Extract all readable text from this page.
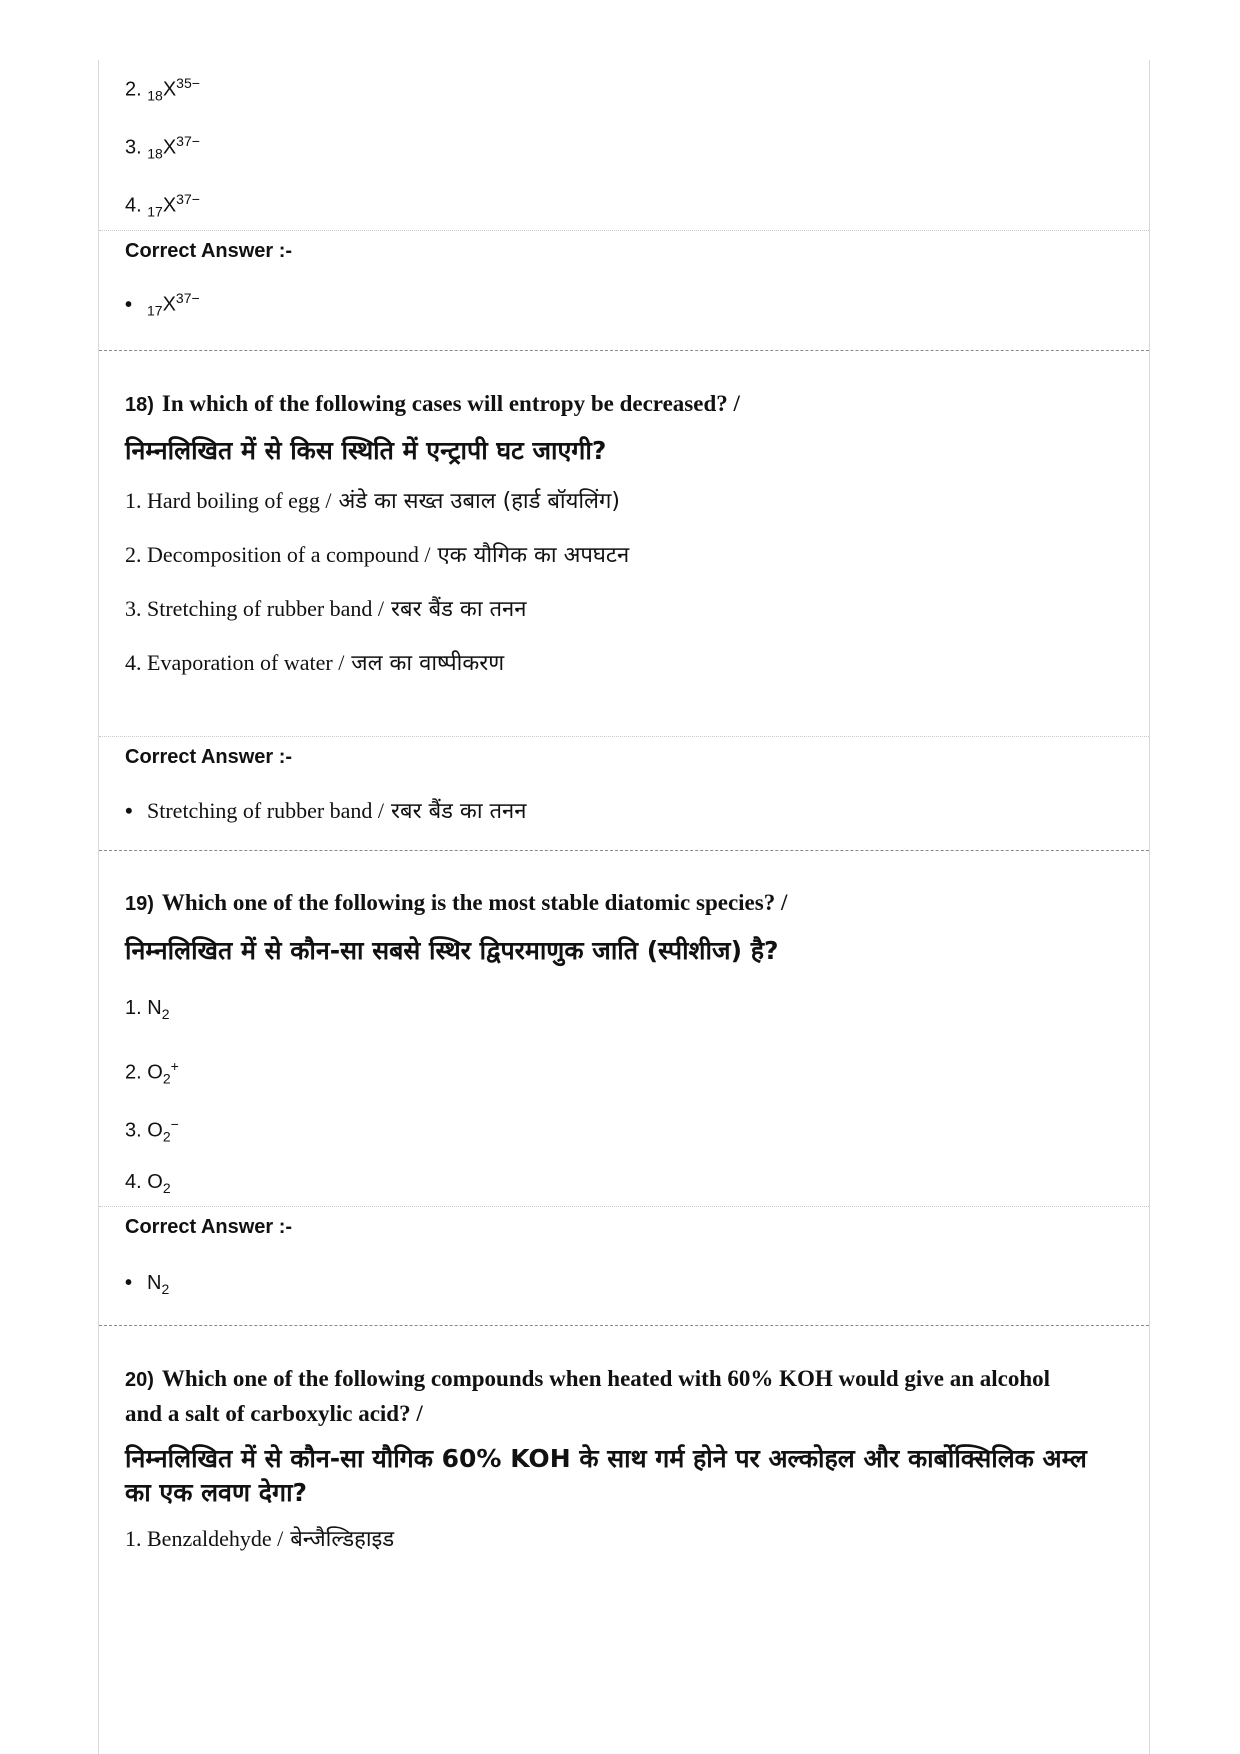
2. $_{18}X^{35-}$
3. $_{18}X^{37-}$
4. $_{17}X^{37-}$
Correct Answer :-
• $_{17}X^{37-}$
18) In which of the following cases will entropy be decreased? /
निम्नलिखित में से किस स्थिति में एन्ट्रापी घट जाएगी?
1. Hard boiling of egg / अंडे का सख्त उबाल (हार्ड बॉयलिंग)
2. Decomposition of a compound / एक यौगिक का अपघटन
3. Stretching of rubber band / रबर बैंड का तनन
4. Evaporation of water / जल का वाष्पीकरण
Correct Answer :-
• Stretching of rubber band / रबर बैंड का तनन
19) Which one of the following is the most stable diatomic species? /
निम्नलिखित में से कौन-सा सबसे स्थिर द्विपरमाणुक जाति (स्पीशीज) है?
1. $N_2$
2. $O_2^+$
3. $O_2^-$
4. $O_2$
Correct Answer :-
• $N_2$
20) Which one of the following compounds when heated with 60% KOH would give an alcohol and a salt of carboxylic acid? /
निम्नलिखित में से कौन-सा यौगिक 60% KOH के साथ गर्म होने पर अल्कोहल और कार्बोक्सिलिक अम्ल का एक लवण देगा?
1. Benzaldehyde / बेन्जैल्डिहाइड
